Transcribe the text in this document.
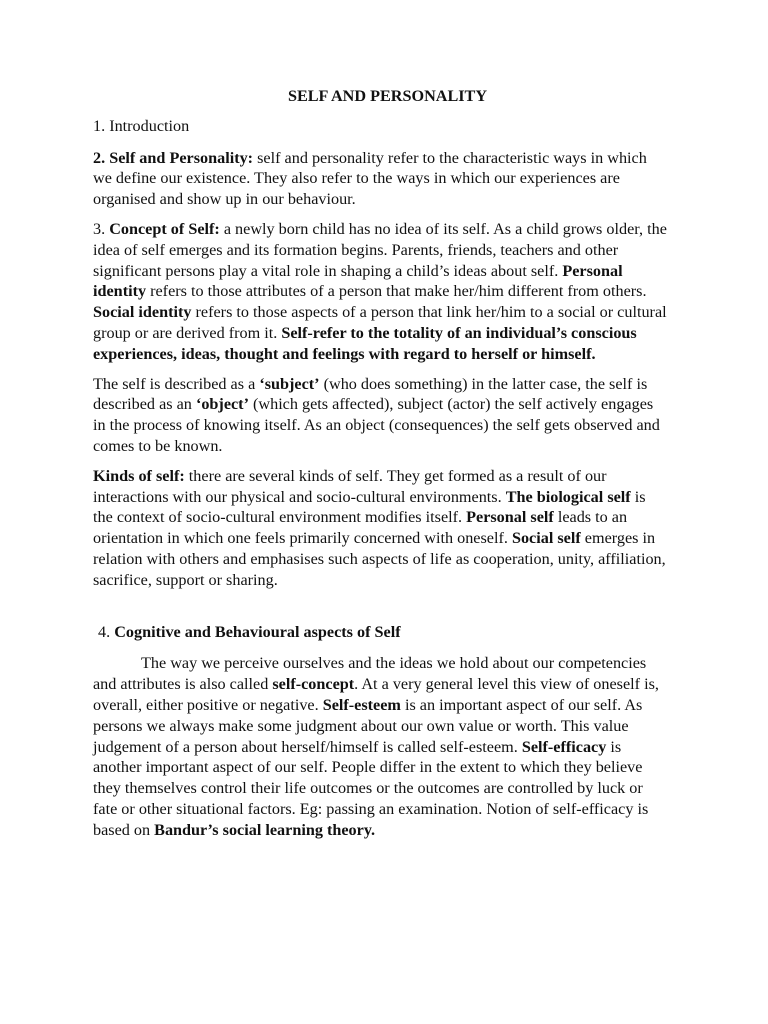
SELF AND PERSONALITY

1. Introduction

2. Self and Personality: self and personality refer to the characteristic ways in which we define our existence. They also refer to the ways in which our experiences are organised and show up in our behaviour.

3. Concept of Self: a newly born child has no idea of its self. As a child grows older, the idea of self emerges and its formation begins. Parents, friends, teachers and other significant persons play a vital role in shaping a child’s ideas about self. Personal identity refers to those attributes of a person that make her/him different from others. Social identity refers to those aspects of a person that link her/him to a social or cultural group or are derived from it. Self-refer to the totality of an individual’s conscious experiences, ideas, thought and feelings with regard to herself or himself.

The self is described as a ‘subject’ (who does something) in the latter case, the self is described as an ‘object’ (which gets affected), subject (actor) the self actively engages in the process of knowing itself. As an object (consequences) the self gets observed and comes to be known.

Kinds of self: there are several kinds of self. They get formed as a result of our interactions with our physical and socio-cultural environments. The biological self is the context of socio-cultural environment modifies itself. Personal self leads to an orientation in which one feels primarily concerned with oneself. Social self emerges in relation with others and emphasises such aspects of life as cooperation, unity, affiliation, sacrifice, support or sharing.

4. Cognitive and Behavioural aspects of Self

The way we perceive ourselves and the ideas we hold about our competencies and attributes is also called self-concept. At a very general level this view of oneself is, overall, either positive or negative. Self-esteem is an important aspect of our self. As persons we always make some judgment about our own value or worth. This value judgement of a person about herself/himself is called self-esteem. Self-efficacy is another important aspect of our self. People differ in the extent to which they believe they themselves control their life outcomes or the outcomes are controlled by luck or fate or other situational factors. Eg: passing an examination. Notion of self-efficacy is based on Bandur’s social learning theory.
